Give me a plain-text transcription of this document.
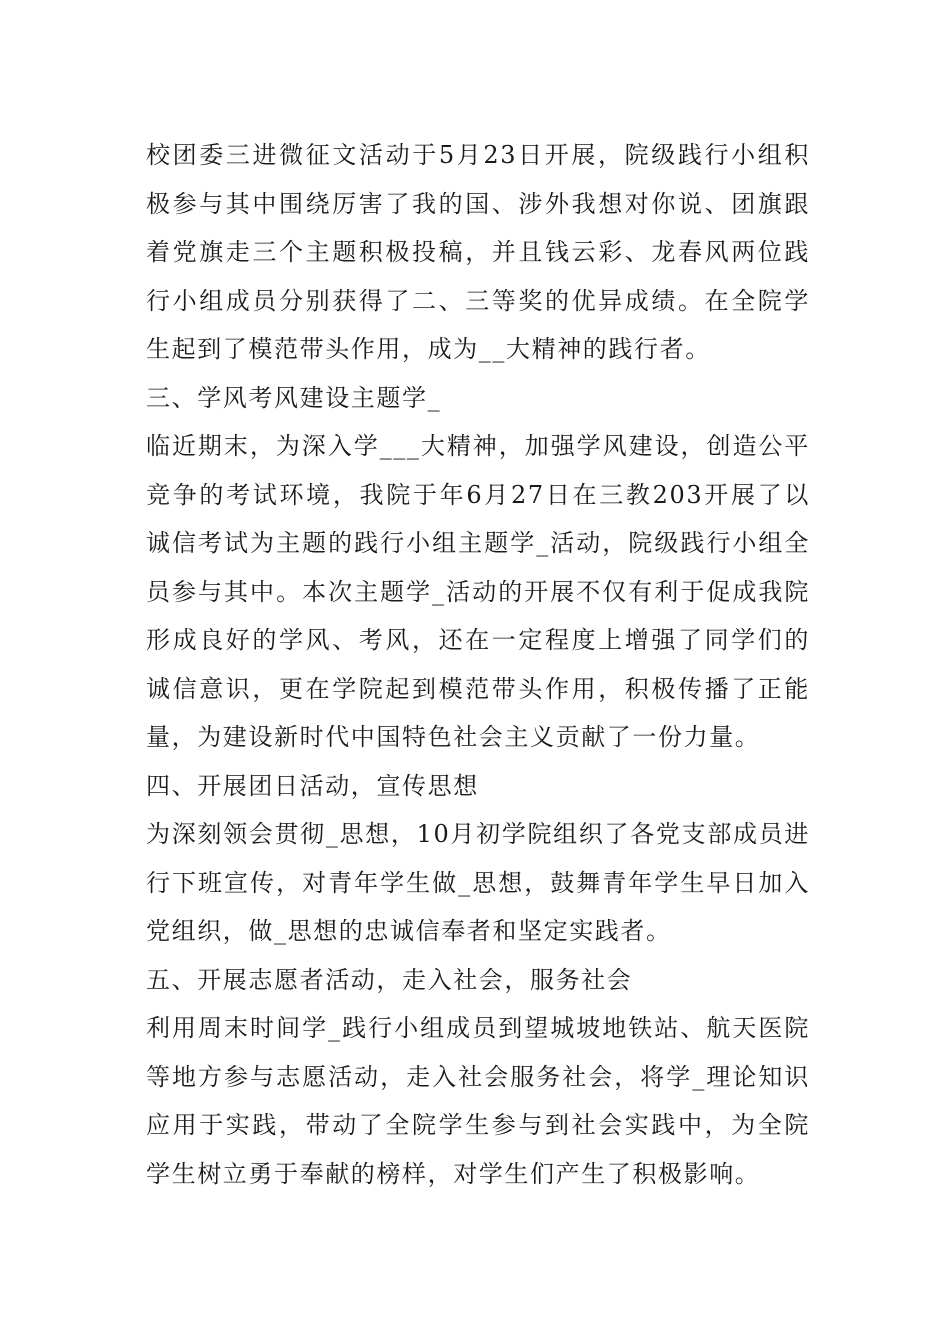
校团委三进微征文活动于5月23日开展，院级践行小组积极参与其中围绕厉害了我的国、涉外我想对你说、团旗跟着党旗走三个主题积极投稿，并且钱云彩、龙春风两位践行小组成员分别获得了二、三等奖的优异成绩。在全院学生起到了模范带头作用，成为__大精神的践行者。

三、学风考风建设主题学_

临近期末，为深入学___大精神，加强学风建设，创造公平竞争的考试环境，我院于年6月27日在三教203开展了以诚信考试为主题的践行小组主题学_活动，院级践行小组全员参与其中。本次主题学_活动的开展不仅有利于促成我院形成良好的学风、考风，还在一定程度上增强了同学们的诚信意识，更在学院起到模范带头作用，积极传播了正能量，为建设新时代中国特色社会主义贡献了一份力量。

四、开展团日活动，宣传思想

为深刻领会贯彻_思想，10月初学院组织了各党支部成员进行下班宣传，对青年学生做_思想，鼓舞青年学生早日加入党组织，做_思想的忠诚信奉者和坚定实践者。

五、开展志愿者活动，走入社会，服务社会

利用周末时间学_践行小组成员到望城坡地铁站、航天医院等地方参与志愿活动，走入社会服务社会，将学_理论知识应用于实践，带动了全院学生参与到社会实践中，为全院学生树立勇于奉献的榜样，对学生们产生了积极影响。
